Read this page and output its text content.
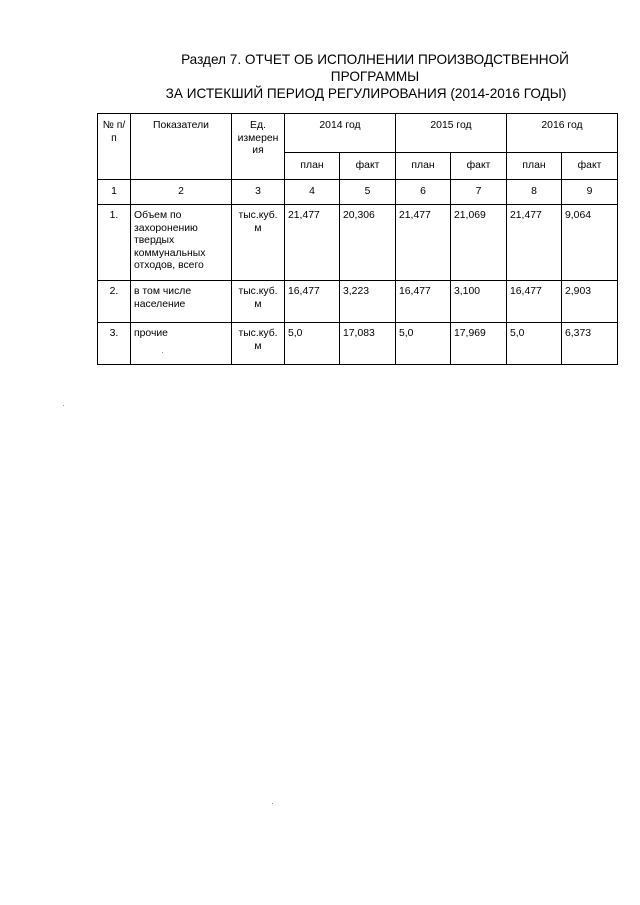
Раздел 7. ОТЧЕТ ОБ ИСПОЛНЕНИИ ПРОИЗВОДСТВЕННОЙ ПРОГРАММЫ
ЗА ИСТЕКШИЙ ПЕРИОД РЕГУЛИРОВАНИЯ (2014-2016 ГОДЫ)
№ п/п	Показатели	Ед. измерен ия	2014 год		2015 год		2016 год	
			план	факт	план	факт	план	факт
1	2	3	4	5	6	7	8	9
1.	Объем по захоронению твердых коммунальных отходов, всего	тыс.куб. м	21,477	20,306	21,477	21,069	21,477	9,064
2.	в том числе население	тыс.куб. м	16,477	3,223	16,477	3,100	16,477	2,903
3.	прочие	тыс.куб. м	5,0	17,083	5,0	17,969	5,0	6,373
